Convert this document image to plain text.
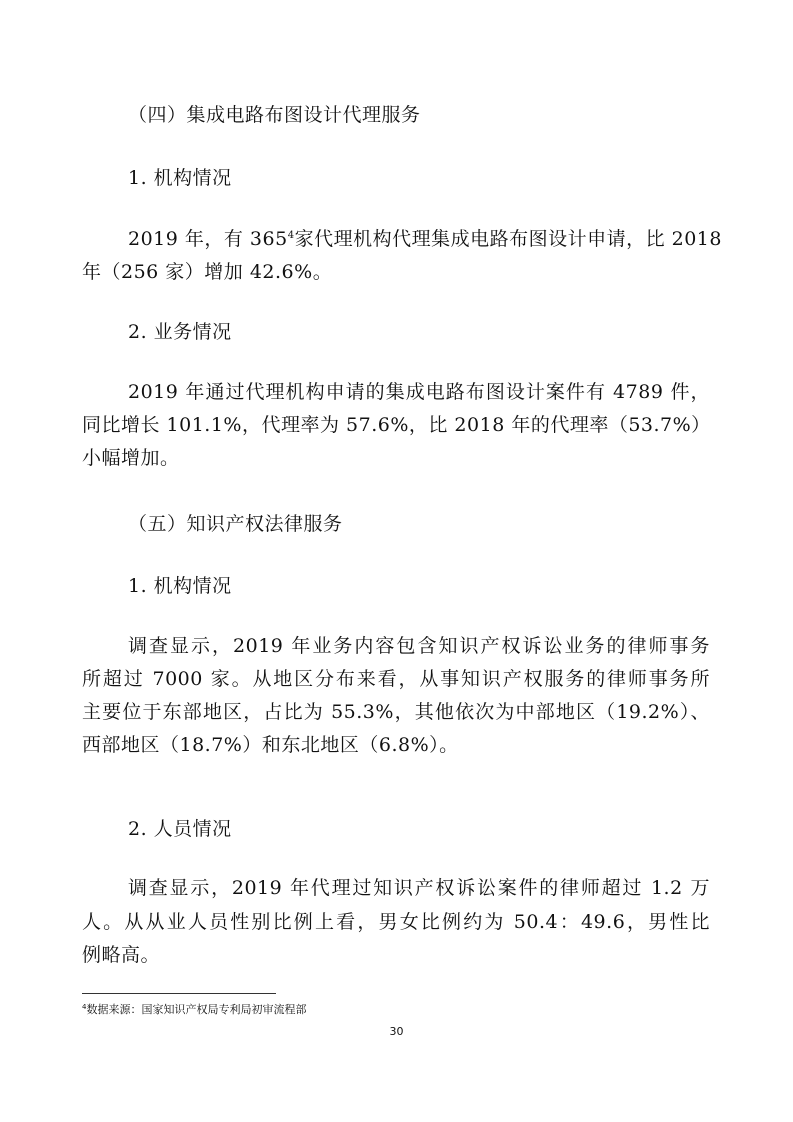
（四）集成电路布图设计代理服务
1. 机构情况
2019 年，有 $365^4$家代理机构代理集成电路布图设计申请，比 2018
年（256 家）增加 42.6%。
2. 业务情况
2019 年通过代理机构申请的集成电路布图设计案件有 4789 件，
同比增长 101.1%，代理率为 57.6%，比 2018 年的代理率（53.7%）
小幅增加。
（五）知识产权法律服务
1. 机构情况
调查显示，2019 年业务内容包含知识产权诉讼业务的律师事务
所超过 7000 家。从地区分布来看，从事知识产权服务的律师事务所
主要位于东部地区，占比为 55.3%，其他依次为中部地区（19.2%）、
西部地区（18.7%）和东北地区（6.8%）。
2. 人员情况
调查显示，2019 年代理过知识产权诉讼案件的律师超过 1.2 万
人。从从业人员性别比例上看，男女比例约为 50.4：49.6，男性比
例略高。
$^4$数据来源：国家知识产权局专利局初审流程部
30
